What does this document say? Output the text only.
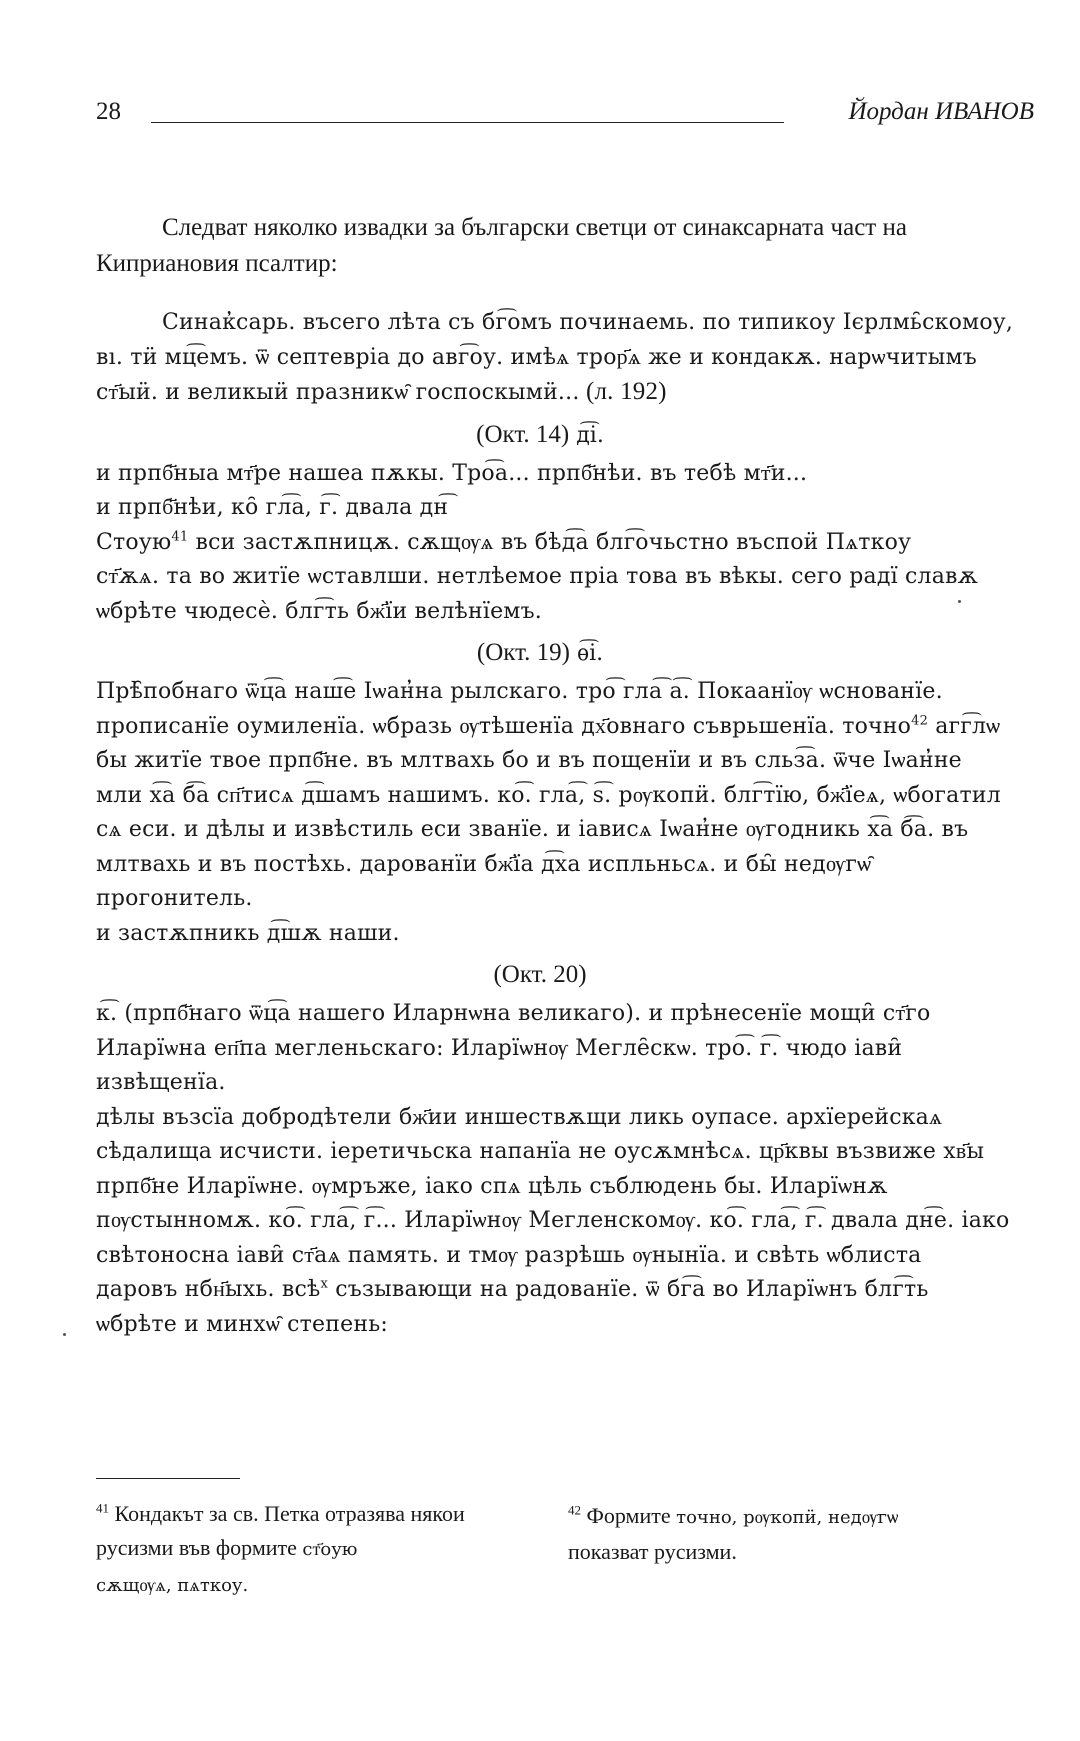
28	Йордан ИВАНОВ

Следват няколко извадки за български светци от синаксарната част на Киприановия псалтир:

Синак̓сарь. въсего лѣта съ бг͡омъ починаемь. по типикоу Ієрлмь̑скомоу,

вı. тӥ мц͡емъ. ѿ септевріа до авг͡оу. имѣѧ трор҃ѧ же и кондакѫ. нарѡчитымъ

ст҃ыӥ. и великыӥ празникѡ̑ госпоскымӥ... (л. 192)

(Окт. 14) д͡і.

и прпб҃ныа мт҃ре нашеа пѫкы. Тро͡а... прпб҃нѣи. въ тебѣ мт҃и...

и прпб҃нѣи, ко̑ гл͡а, г͡. двала дн͡

Стоую$^{41}$ вси застѫпницѫ. сѫщѹѧ въ бѣд͡а блг͡очьстно въспоӥ Пѧткоу

ст҃ѫѧ. та во житїе ѡставлши. нетлѣемое пріа това въ вѣкы. сего радї славѫ

ѡбрѣте чюдесѐ. блг͡ть бж҃їи велѣнїемъ.

(Окт. 19) ѳ͡і.

Прѣ̑побнаго ѿц͡а наш͡е Іѡан̓на рылскаго. тро͡ гла͡ а͡. Покаанїѹ ѡснованїе.

прописанїе оумиленїа. ѡбразь ѹтѣшенїа дх҃овнаго съврьшенїа. точно$^{42}$ агг͡лѡ

бы житїе твое прпб҃не. въ млтвахь бо и въ пощенїи и въ сльз͡а. ѿче Іѡан̓не

мли х͡а б͡а сп҃тисѧ д͡шамъ нашимъ. ко͡. гла͡, ѕ͡. рѹкопӥ. блг͡тїю, бж҃їеѧ, ѡбогатил

сѧ еси. и дѣлы и извѣстиль еси званїе. и іависѧ Іѡан̓не ѹгодникь х͡а б͡а. въ

млтвахь и въ постѣхь. дарованїи бж҃їа д͡ха испльньсѧ. и бы̑ недѹгѡ̑ прогонитель.

и застѫпникь д͡шѫ наши.

(Окт. 20)

к͡. (прпб҃наго ѿц͡а нашего Иларнѡна великаго). и прѣнесенїе мощи̑ ст҃го

Иларїѡна еп҃па мегленьскаго: Иларїѡнѹ Мегле̑скѡ. тро͡. г͡. чюдо іави̑ извѣщенїа.

дѣлы възсїа добродѣтели бж҃ии иншествѫщи ликь оупасе. архїерейскаѧ

сѣдалища исчисти. іеретичьска напанїа не оусѫмнѣсѧ. цр҃квы възвиже хв҃ы

прпб҃не Иларїѡне. ѹмръже, іако спѧ цѣль съблюдень бы. Иларїѡнѫ

пѹстынномѫ. ко͡. гла͡, г͡... Иларїѡнѹ Мегленскомѹ. ко͡. гла͡, г͡. двала дн͡е. іако

свѣтоносна іави̑ ст҃аѧ память. и тмѹ разрѣшь ѹнынїа. и свѣть ѡблиста

даровъ нбн҃ыхь. всѣ$^х$ съзывающи на радованїе. ѿ бг͡а во Иларїѡнъ блг͡ть

ѡбрѣте и минхѡ̑ степень:

$^{41}$ Кондакът за св. Петка отразява някои русизми във формите ст҃оую
сѫщѹѧ, пѧткоу.
$^{42}$ Формите точно, рѹкопӥ, недѹгѡ
показват русизми.
